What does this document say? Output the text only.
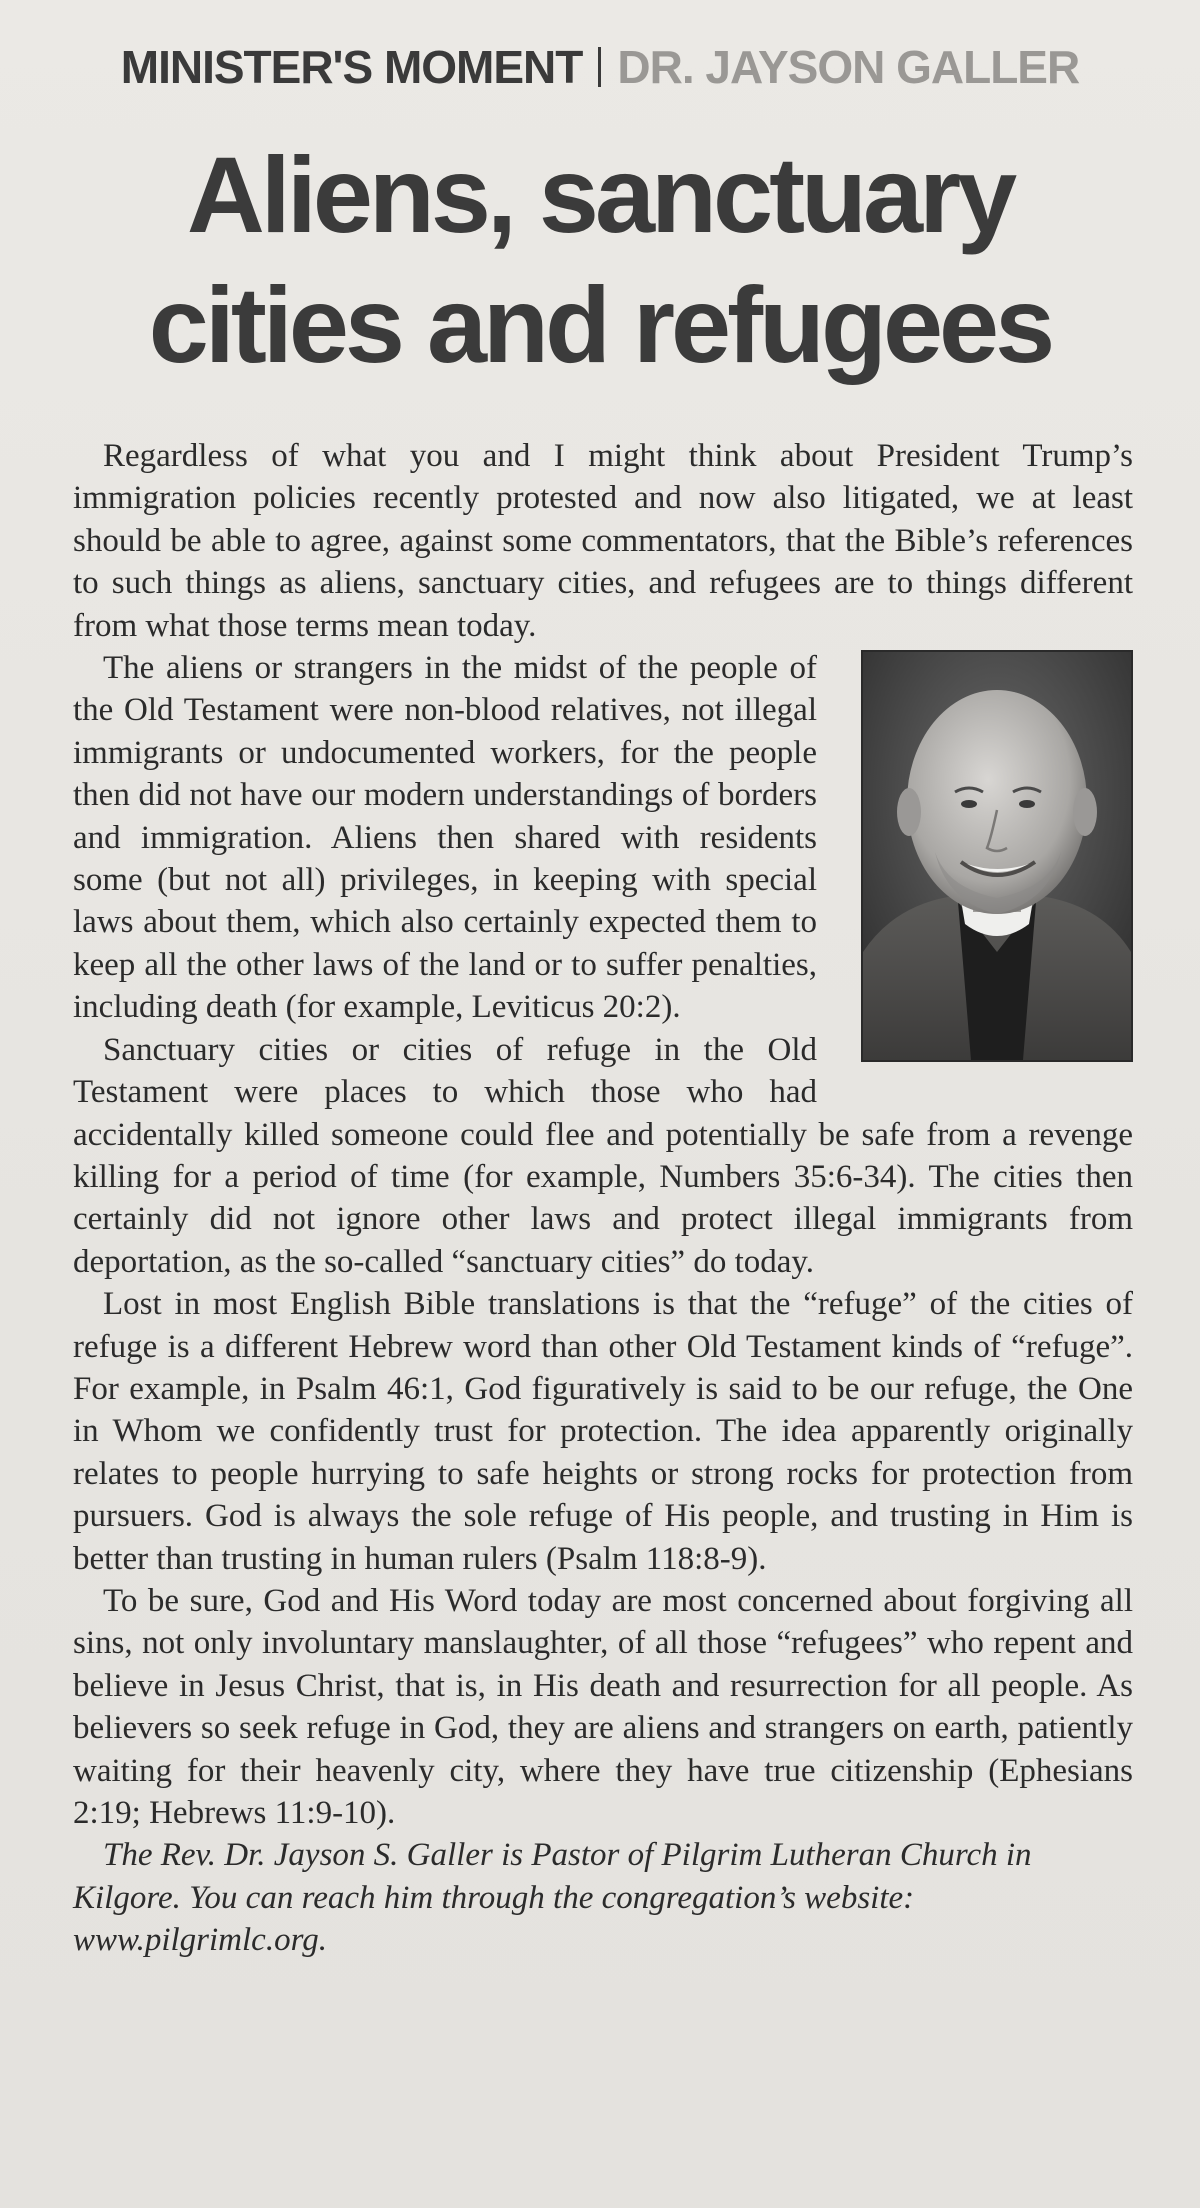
MINISTER'S MOMENT DR. JAYSON GALLER
Aliens, sanctuary cities and refugees

Regardless of what you and I might think about President Trump’s immigration policies recently protested and now also litigated, we at least should be able to agree, against some commentators, that the Bible’s references to such things as aliens, sanctuary cities, and refugees are to things different from what those terms mean today.

The aliens or strangers in the midst of the people of the Old Testament were non-blood relatives, not illegal immigrants or undocumented workers, for the people then did not have our modern understandings of borders and immigration. Aliens then shared with residents some (but not all) privileges, in keeping with special laws about them, which also certainly expected them to keep all the other laws of the land or to suffer penalties, including death (for example, Leviticus 20:2).

Sanctuary cities or cities of refuge in the Old Testament were places to which those who had accidentally killed someone could flee and potentially be safe from a revenge killing for a period of time (for example, Numbers 35:6-34). The cities then certainly did not ignore other laws and protect illegal immigrants from deportation, as the so-called “sanctuary cities” do today.

Lost in most English Bible translations is that the “refuge” of the cities of refuge is a different Hebrew word than other Old Testament kinds of “refuge”. For example, in Psalm 46:1, God figuratively is said to be our refuge, the One in Whom we confidently trust for protection. The idea apparently originally relates to people hurrying to safe heights or strong rocks for protection from pursuers. God is always the sole refuge of His people, and trusting in Him is better than trusting in human rulers (Psalm 118:8-9).

To be sure, God and His Word today are most concerned about forgiving all sins, not only involuntary manslaughter, of all those “refugees” who repent and believe in Jesus Christ, that is, in His death and resurrection for all people. As believers so seek refuge in God, they are aliens and strangers on earth, patiently waiting for their heavenly city, where they have true citizenship (Ephesians 2:19; Hebrews 11:9-10).

The Rev. Dr. Jayson S. Galler is Pastor of Pilgrim Lutheran Church in Kilgore. You can reach him through the congregation’s website: www.pilgrimlc.org.
